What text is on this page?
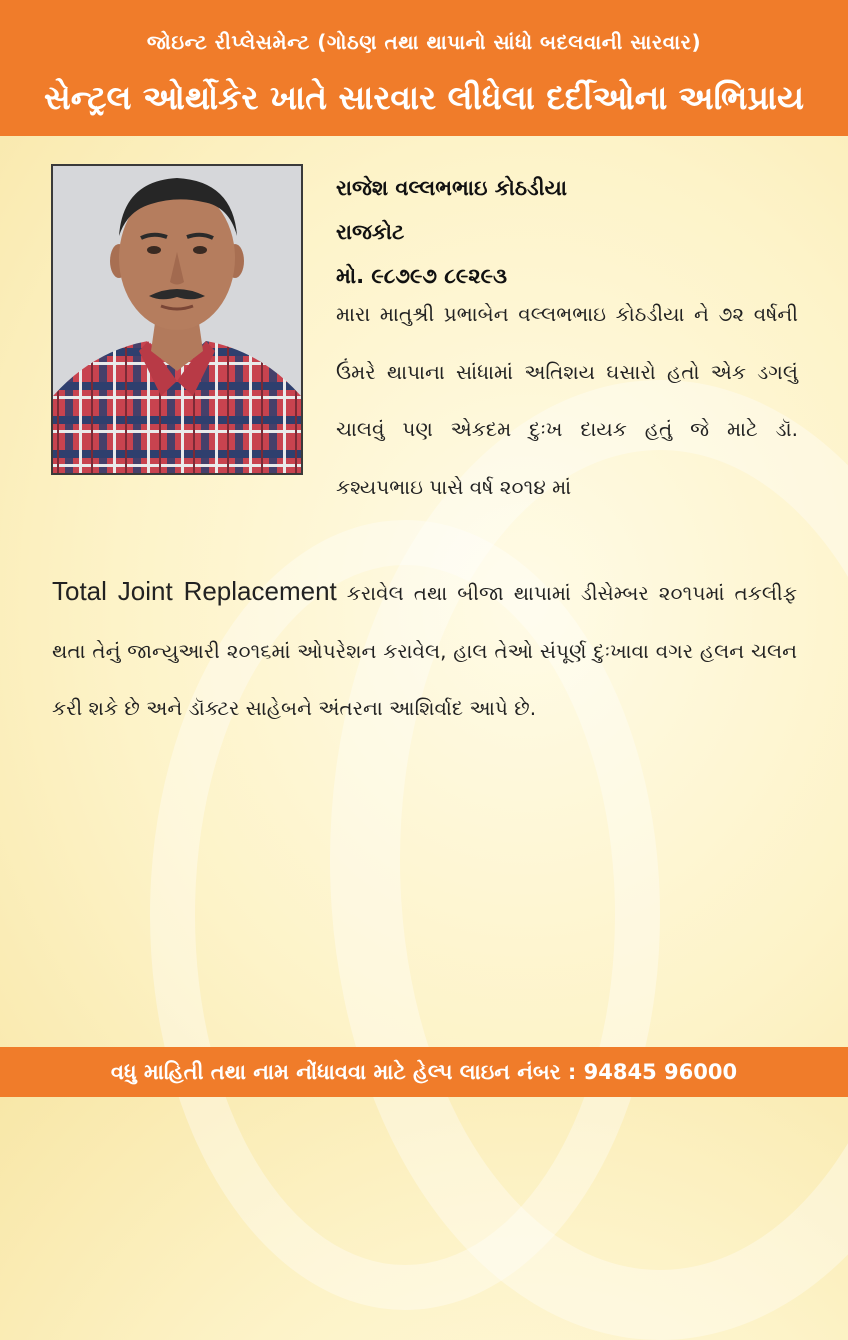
જોઇન્ટ રીપ્લેસમેન્ટ (ગોઠણ તથા થાપાનો સાંધો બદલવાની સારવાર)
સેન્ટ્રલ ઓર્થોકેર ખાતે સારવાર લીધેલા દર્દીઓના અભિપ્રાય
રાજેશ વલ્લભભાઇ કોઠડીયા
રાજકોટ
મો. ૯૮૭૯૭ ૮૯૨૯૩
મારા માતુશ્રી પ્રભાબેન વલ્લભભાઇ કોઠડીયા ને ૭૨ વર્ષની ઉંમરે થાપાના સાંધામાં અતિશય ઘસારો હતો એક ડગલું ચાલવું પણ એકદમ દુઃખ દાયક હતું જે માટે ડૉ. કશ્યપભાઇ પાસે વર્ષ ૨૦૧૪ માં
Total Joint Replacement કરાવેલ તથા બીજા થાપામાં ડીસેમ્બર ૨૦૧૫માં તકલીફ થતા તેનું જાન્યુઆરી ૨૦૧૬માં ઓપરેશન કરાવેલ, હાલ તેઓ સંપૂર્ણ દુઃખાવા વગર હલન ચલન કરી શકે છે અને ડૉક્ટર સાહેબને અંતરના આશિર્વાદ આપે છે.
વધુ માહિતી તથા નામ નોંધાવવા માટે હેલ્પ લાઇન નંબર : 94845 96000
